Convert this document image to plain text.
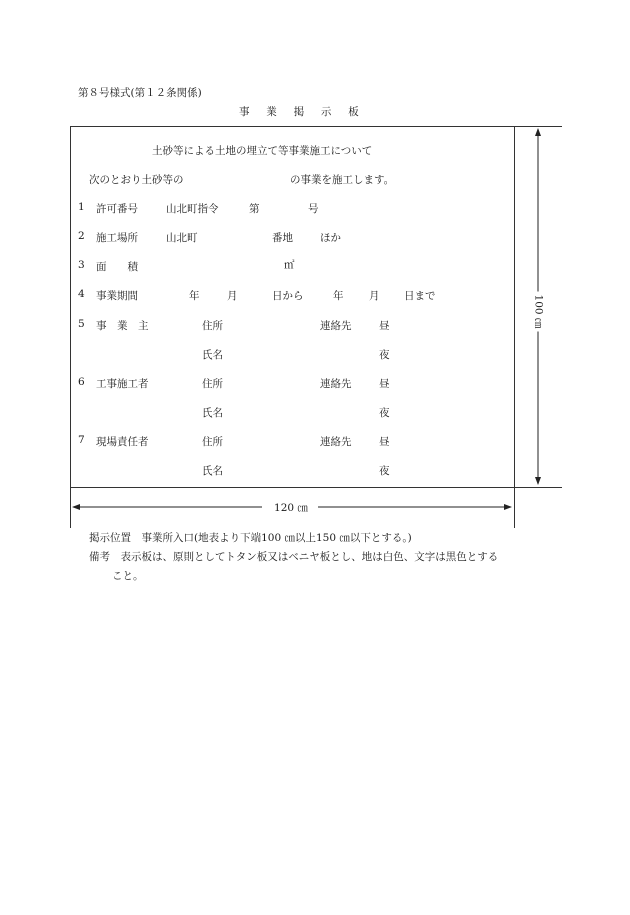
第８号様式(第１２条関係)
事　業　掲　示　板
土砂等による土地の埋立て等事業施工について
次のとおり土砂等の	の事業を施工します。
1 許可番号	山北町指令	第	号
2 施工場所	山北町	番地	ほか
3 面　　積	㎡
4 事業期間	年	月	日から	年 月 日まで
5 事　業　主	住所	連絡先	昼
氏名	夜
6 工事施工者	住所	連絡先	昼
氏名	夜
7 現場責任者	住所	連絡先	昼
氏名	夜
100 ㎝
120 ㎝
掲示位置　事業所入口(地表より下端100 ㎝以上150 ㎝以下とする。)
備考　表示板は、原則としてトタン板又はベニヤ板とし、地は白色、文字は黒色とする
こと。
